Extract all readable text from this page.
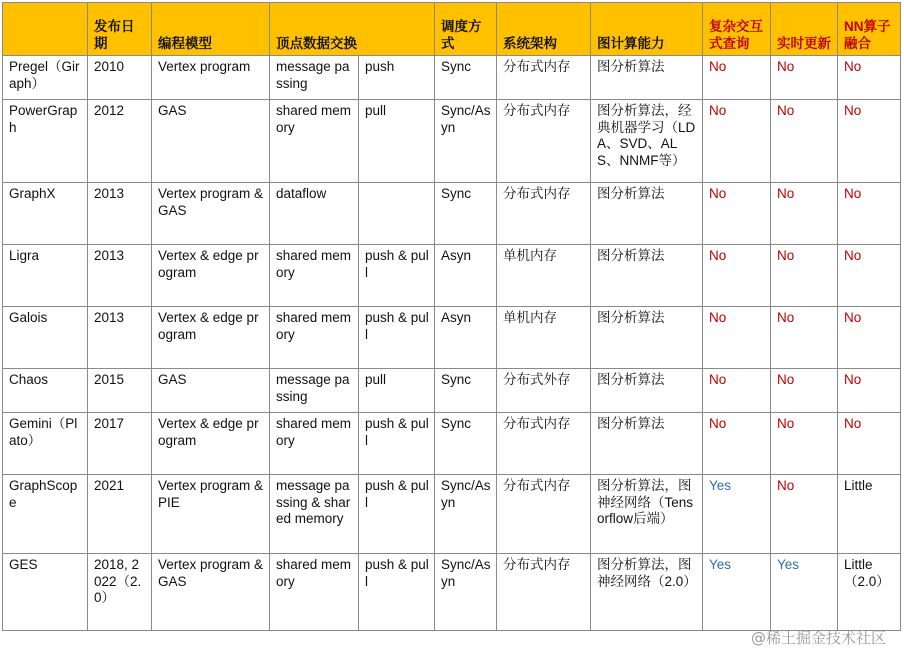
	发布日期	编程模型	顶点数据交换		调度方式	系统架构	图计算能力	复杂交互式查询	实时更新	NN算子融合
Pregel（Giraph）	2010	Vertex program	message passing	push	Sync	分布式内存	图分析算法	No	No	No
PowerGraph	2012	GAS	shared memory	pull	Sync/Asyn	分布式内存	图分析算法，经典机器学习（LDA、SVD、ALS、NNMF等）	No	No	No
GraphX	2013	Vertex program & GAS	dataflow		Sync	分布式内存	图分析算法	No	No	No
Ligra	2013	Vertex & edge program	shared memory	push & pull	Asyn	单机内存	图分析算法	No	No	No
Galois	2013	Vertex & edge program	shared memory	push & pull	Asyn	单机内存	图分析算法	No	No	No
Chaos	2015	GAS	message passing	pull	Sync	分布式外存	图分析算法	No	No	No
Gemini（Plato）	2017	Vertex & edge program	shared memory	push & pull	Sync	分布式内存	图分析算法	No	No	No
GraphScope	2021	Vertex program & PIE	message passing & shared memory	push & pull	Sync/Asyn	分布式内存	图分析算法，图神经网络（Tensorflow后端）	Yes	No	Little
GES	2018, 2022（2.0）	Vertex program & GAS	shared memory	push & pull	Sync/Asyn	分布式内存	图分析算法，图神经网络（2.0）	Yes	Yes	Little（2.0）
@稀土掘金技术社区
